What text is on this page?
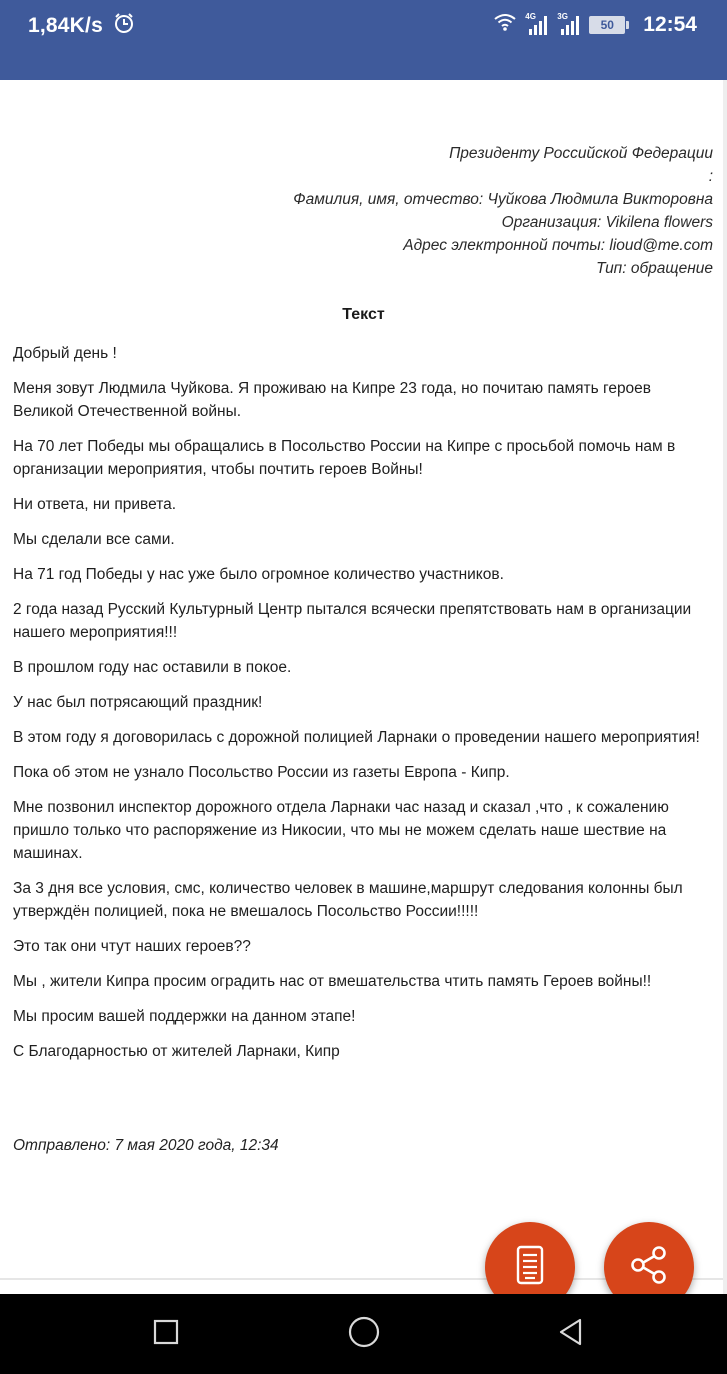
1,84K/s	4G	3G
50	12:54
Президенту Российской Федерации
:
Фамилия, имя, отчество: Чуйкова Людмила Викторовна
Организация: Vikilena flowers
Адрес электронной почты: lioud@me.com
Тип: обращение
Текст

Добрый день !

Меня зовут Людмила Чуйкова. Я проживаю на Кипре 23 года, но почитаю память героев Великой Отечественной войны.

На 70 лет Победы мы обращались в Посольство России на Кипре с просьбой помочь нам в организации мероприятия, чтобы почтить героев Войны!

Ни ответа, ни привета.

Мы сделали все сами.

На 71 год Победы у нас уже было огромное количество участников.

2 года назад Русский Культурный Центр пытался всячески препятствовать нам в организации нашего мероприятия!!!

В прошлом году нас оставили в покое.

У нас был потрясающий праздник!

В этом году я договорилась с дорожной полицией Ларнаки о проведении нашего мероприятия!

Пока об этом не узнало Посольство России из газеты Европа - Кипр.

Мне позвонил инспектор дорожного отдела Ларнаки час назад и сказал ,что , к сожалению пришло только что распоряжение из Никосии, что мы не можем сделать наше шествие на машинах.

За 3 дня все условия, смс, количество человек в машине,маршрут следования колонны был утверждён полицией, пока не вмешалось Посольство России!!!!!

Это так они чтут наших героев??

Мы , жители Кипра просим оградить нас от вмешательства чтить память Героев войны!!

Мы просим вашей поддержки на данном этапе!

С Благодарностью от жителей Ларнаки, Кипр

Отправлено: 7 мая 2020 года, 12:34
